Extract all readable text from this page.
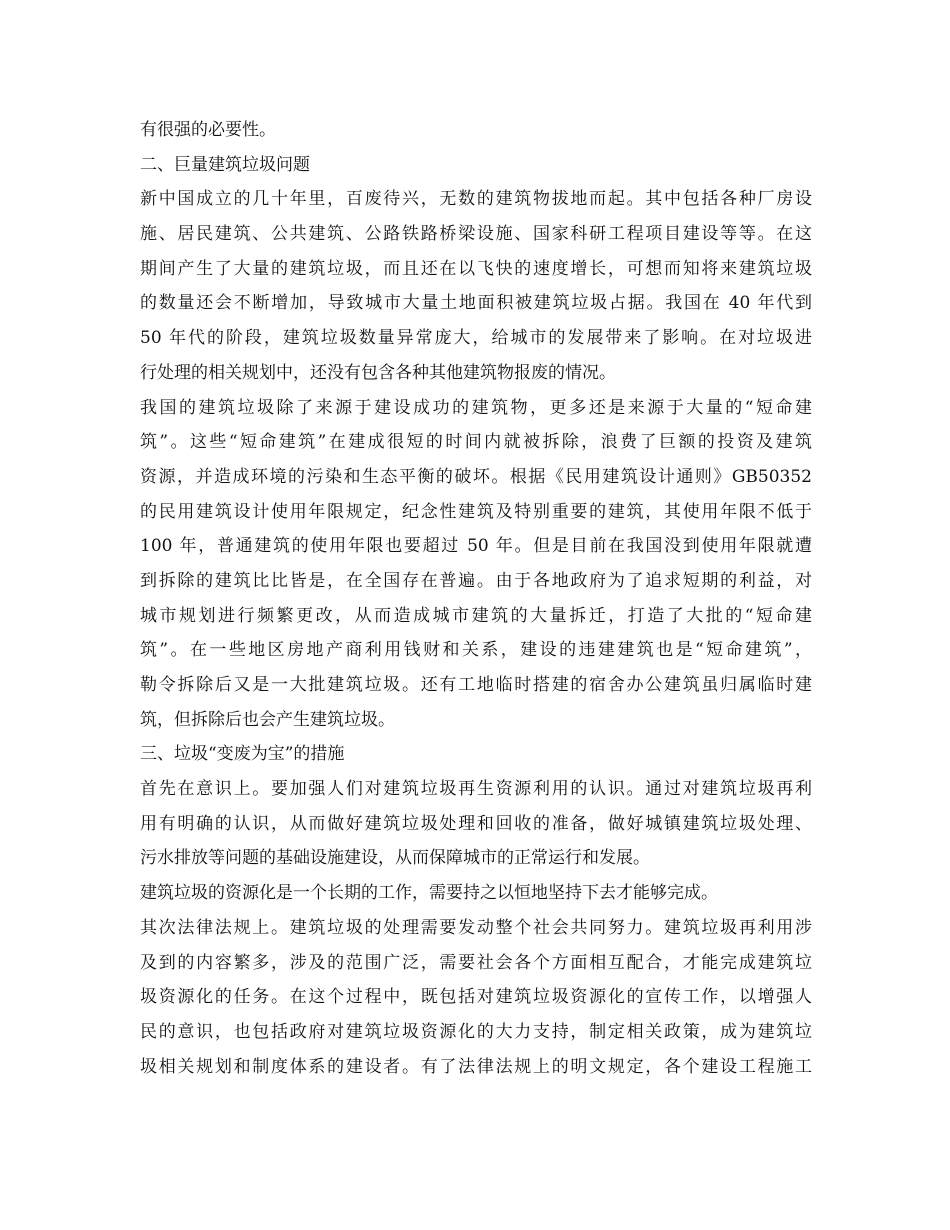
有很强的必要性。
二、巨量建筑垃圾问题
新中国成立的几十年里，百废待兴，无数的建筑物拔地而起。其中包括各种厂房设
施、居民建筑、公共建筑、公路铁路桥梁设施、国家科研工程项目建设等等。在这
期间产生了大量的建筑垃圾，而且还在以飞快的速度增长，可想而知将来建筑垃圾
的数量还会不断增加，导致城市大量土地面积被建筑垃圾占据。我国在 40 年代到
50 年代的阶段，建筑垃圾数量异常庞大，给城市的发展带来了影响。在对垃圾进
行处理的相关规划中，还没有包含各种其他建筑物报废的情况。
我国的建筑垃圾除了来源于建设成功的建筑物，更多还是来源于大量的“短命建
筑”。这些“短命建筑”在建成很短的时间内就被拆除，浪费了巨额的投资及建筑
资源，并造成环境的污染和生态平衡的破坏。根据《民用建筑设计通则》GB50352
的民用建筑设计使用年限规定，纪念性建筑及特别重要的建筑，其使用年限不低于
100 年，普通建筑的使用年限也要超过 50 年。但是目前在我国没到使用年限就遭
到拆除的建筑比比皆是，在全国存在普遍。由于各地政府为了追求短期的利益，对
城市规划进行频繁更改，从而造成城市建筑的大量拆迁，打造了大批的“短命建
筑”。在一些地区房地产商利用钱财和关系，建设的违建建筑也是“短命建筑”，
勒令拆除后又是一大批建筑垃圾。还有工地临时搭建的宿舍办公建筑虽归属临时建
筑，但拆除后也会产生建筑垃圾。
三、垃圾“变废为宝”的措施
首先在意识上。要加强人们对建筑垃圾再生资源利用的认识。通过对建筑垃圾再利
用有明确的认识，从而做好建筑垃圾处理和回收的准备，做好城镇建筑垃圾处理、
污水排放等问题的基础设施建设，从而保障城市的正常运行和发展。
建筑垃圾的资源化是一个长期的工作，需要持之以恒地坚持下去才能够完成。
其次法律法规上。建筑垃圾的处理需要发动整个社会共同努力。建筑垃圾再利用涉
及到的内容繁多，涉及的范围广泛，需要社会各个方面相互配合，才能完成建筑垃
圾资源化的任务。在这个过程中，既包括对建筑垃圾资源化的宣传工作，以增强人
民的意识，也包括政府对建筑垃圾资源化的大力支持，制定相关政策，成为建筑垃
圾相关规划和制度体系的建设者。有了法律法规上的明文规定，各个建设工程施工
